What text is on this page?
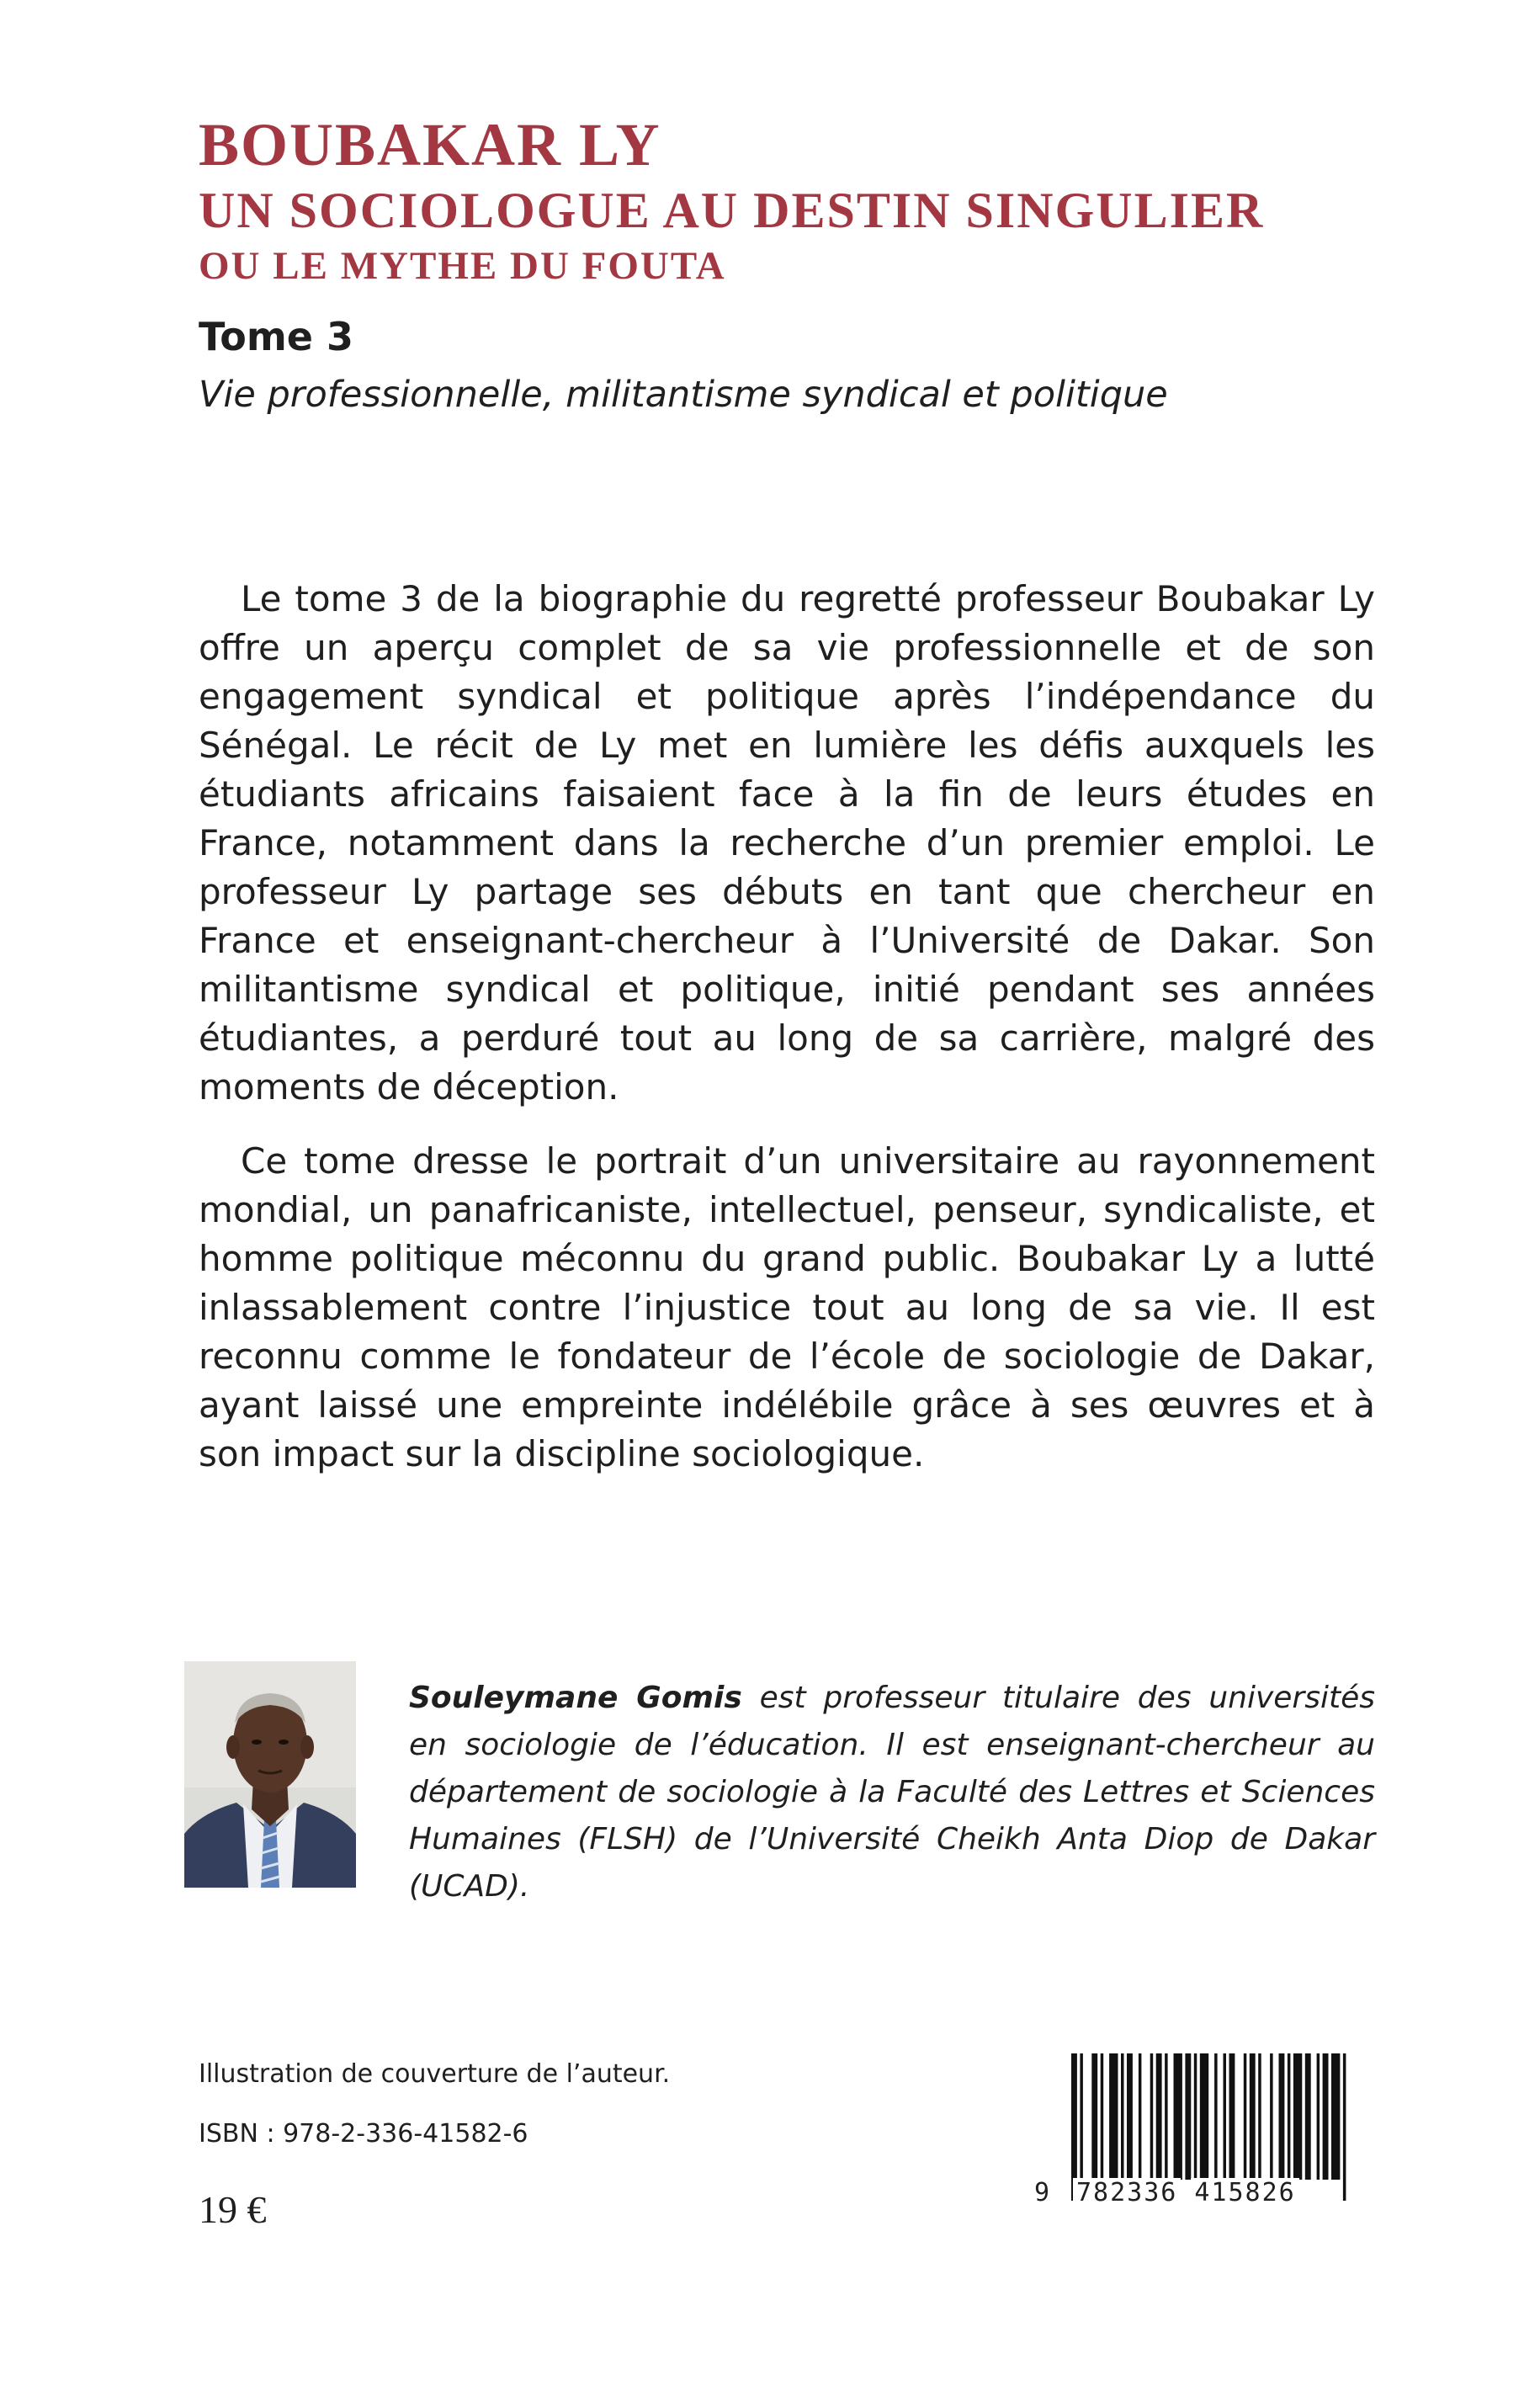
BOUBAKAR LY
UN SOCIOLOGUE AU DESTIN SINGULIER
OU LE MYTHE DU FOUTA
Tome 3
Vie professionnelle, militantisme syndical et politique

Le tome 3 de la biographie du regretté professeur Boubakar Ly offre un aperçu complet de sa vie professionnelle et de son engagement syndical et politique après l’indépendance du Sénégal. Le récit de Ly met en lumière les défis auxquels les étudiants africains faisaient face à la fin de leurs études en France, notamment dans la recherche d’un premier emploi. Le professeur Ly partage ses débuts en tant que chercheur en France et enseignant-chercheur à l’Université de Dakar. Son militantisme syndical et politique, initié pendant ses années étudiantes, a perduré tout au long de sa carrière, malgré des moments de déception.

Ce tome dresse le portrait d’un universitaire au rayonnement mondial, un panafricaniste, intellectuel, penseur, syndicaliste, et homme politique méconnu du grand public. Boubakar Ly a lutté inlassablement contre l’injustice tout au long de sa vie. Il est reconnu comme le fondateur de l’école de sociologie de Dakar, ayant laissé une empreinte indélébile grâce à ses œuvres et à son impact sur la discipline sociologique.

Souleymane Gomis est professeur titulaire des universités en sociologie de l’éducation. Il est enseignant-chercheur au département de sociologie à la Faculté des Lettres et Sciences Humaines (FLSH) de l’Université Cheikh Anta Diop de Dakar (UCAD).
Illustration de couverture de l’auteur.
ISBN : 978-2-336-41582-6
19 €	9	782336 415826
